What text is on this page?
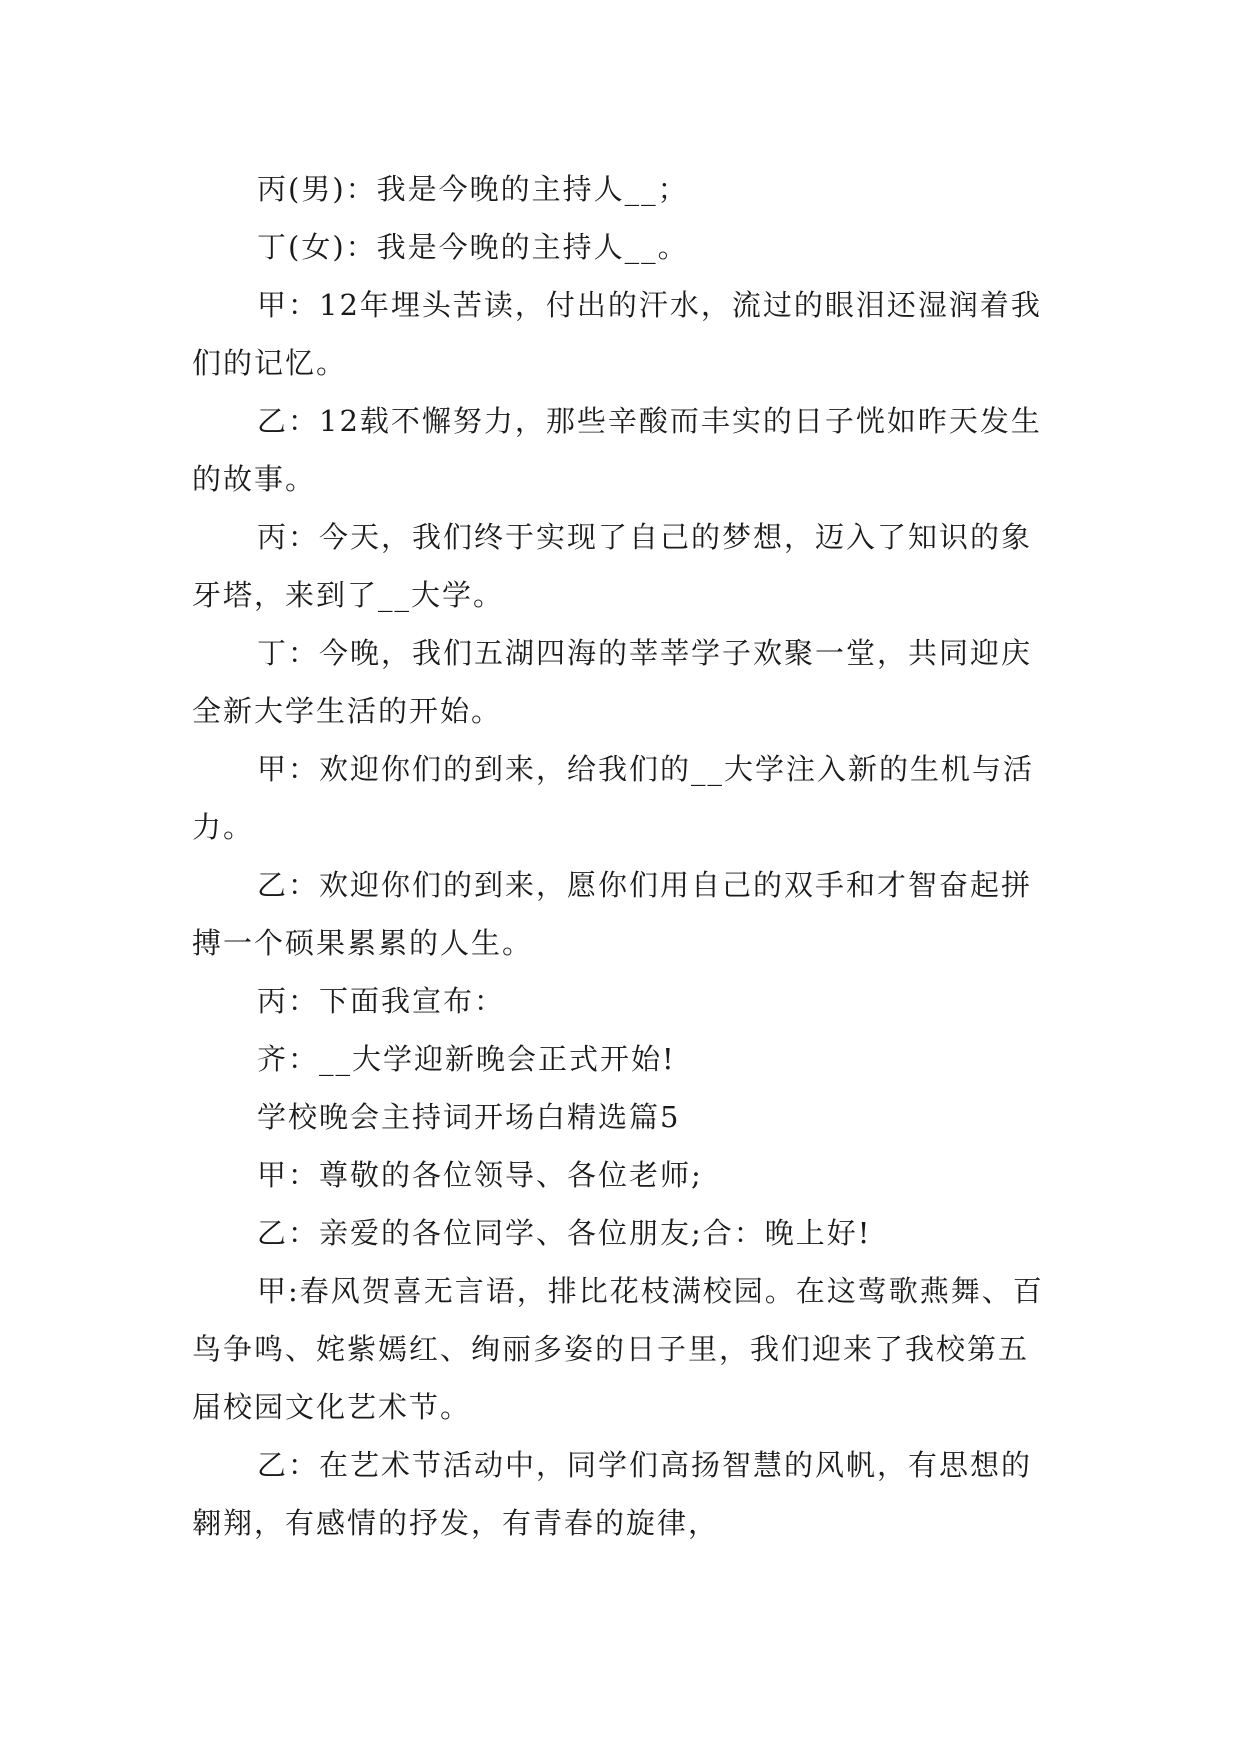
丙(男)：我是今晚的主持人__；

丁(女)：我是今晚的主持人__。

甲：12年埋头苦读，付出的汗水，流过的眼泪还湿润着我们的记忆。

乙：12载不懈努力，那些辛酸而丰实的日子恍如昨天发生的故事。

丙：今天，我们终于实现了自己的梦想，迈入了知识的象牙塔，来到了__大学。

丁：今晚，我们五湖四海的莘莘学子欢聚一堂，共同迎庆全新大学生活的开始。

甲：欢迎你们的到来，给我们的__大学注入新的生机与活力。

乙：欢迎你们的到来，愿你们用自己的双手和才智奋起拼搏一个硕果累累的人生。

丙：下面我宣布：

齐：__大学迎新晚会正式开始!

学校晚会主持词开场白精选篇5

甲：尊敬的各位领导、各位老师;

乙：亲爱的各位同学、各位朋友;合：晚上好!

甲:春风贺喜无言语，排比花枝满校园。在这莺歌燕舞、百鸟争鸣、姹紫嫣红、绚丽多姿的日子里，我们迎来了我校第五届校园文化艺术节。

乙：在艺术节活动中，同学们高扬智慧的风帆，有思想的翱翔，有感情的抒发，有青春的旋律，
